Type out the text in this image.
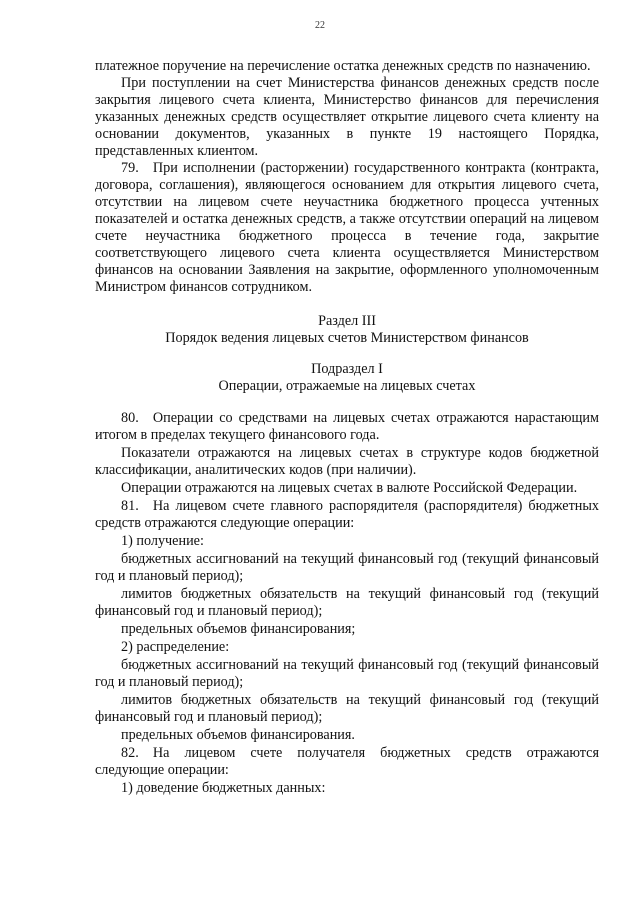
22

платежное поручение на перечисление остатка денежных средств по назначению.

При поступлении на счет Министерства финансов денежных средств после закрытия лицевого счета клиента, Министерство финансов для перечисления указанных денежных средств осуществляет открытие лицевого счета клиенту на основании документов, указанных в пункте 19 настоящего Порядка, представленных клиентом.

79. При исполнении (расторжении) государственного контракта (контракта, договора, соглашения), являющегося основанием для открытия лицевого счета, отсутствии на лицевом счете неучастника бюджетного процесса учтенных показателей и остатка денежных средств, а также отсутствии операций на лицевом счете неучастника бюджетного процесса в течение года, закрытие соответствующего лицевого счета клиента осуществляется Министерством финансов на основании Заявления на закрытие, оформленного уполномоченным Министром финансов сотрудником.

Раздел III

Порядок ведения лицевых счетов Министерством финансов

Подраздел I

Операции, отражаемые на лицевых счетах

80. Операции со средствами на лицевых счетах отражаются нарастающим итогом в пределах текущего финансового года.

Показатели отражаются на лицевых счетах в структуре кодов бюджетной классификации, аналитических кодов (при наличии).

Операции отражаются на лицевых счетах в валюте Российской Федерации.

81. На лицевом счете главного распорядителя (распорядителя) бюджетных средств отражаются следующие операции:

1) получение:

бюджетных ассигнований на текущий финансовый год (текущий финансовый год и плановый период);

лимитов бюджетных обязательств на текущий финансовый год (текущий финансовый год и плановый период);

предельных объемов финансирования;

2) распределение:

бюджетных ассигнований на текущий финансовый год (текущий финансовый год и плановый период);

лимитов бюджетных обязательств на текущий финансовый год (текущий финансовый год и плановый период);

предельных объемов финансирования.

82. На лицевом счете получателя бюджетных средств отражаются следующие операции:

1) доведение бюджетных данных:
